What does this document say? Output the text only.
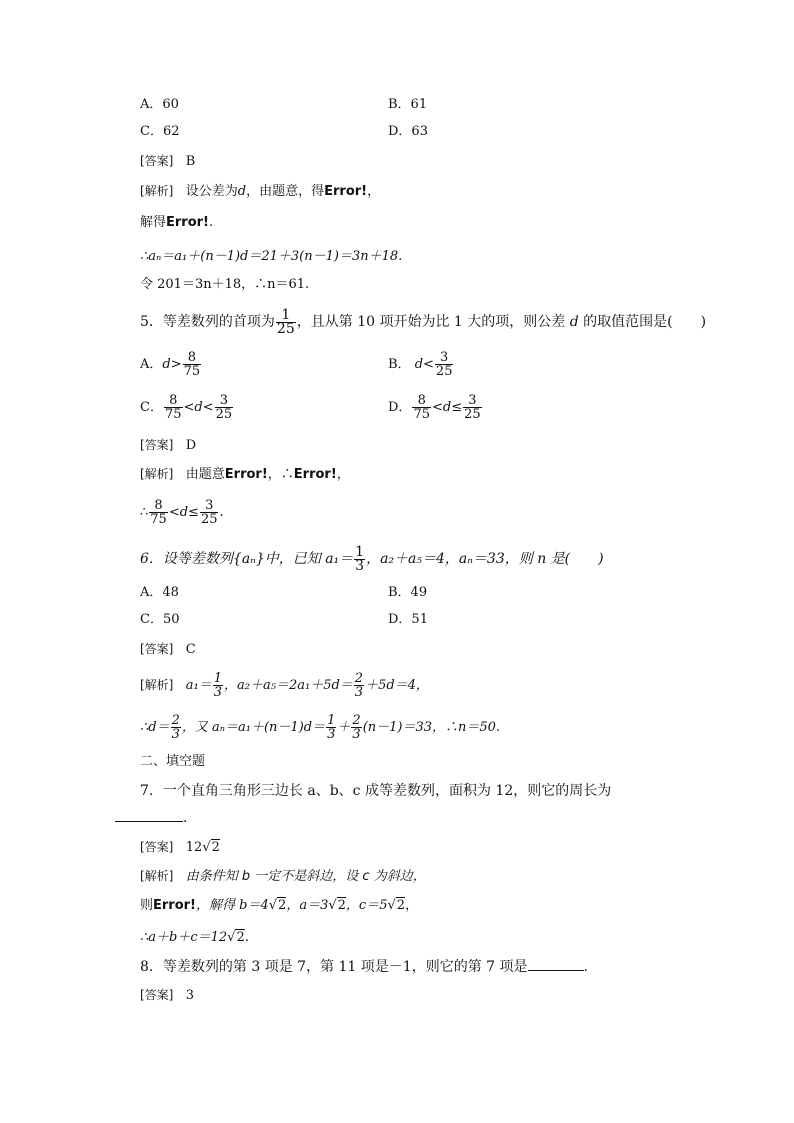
A．60	B．61
C．62	D．63
[答案] B
[解析] 设公差为d，由题意，得Error!，
解得Error!.
∴aₙ＝a₁＋(n－1)d＝21＋3(n－1)＝3n＋18.
令 201＝3n＋18，∴n＝61.
5．等差数列的首项为 $\frac{1}{25}$ ，且从第 10 项开始为比 1 大的项，则公差 d 的取值范围是(　　)
A．$d> \frac{8}{75}$	B． $d< \frac{3}{25}$
C． $\frac{8}{75} <d< \frac{3}{25}$	D． $\frac{8}{75} <d\le \frac{3}{25}$
[答案] D
[解析] 由题意Error!，∴Error!，
∴ $\frac{8}{75} <d\le \frac{3}{25}$ .
6．设等差数列{aₙ}中，已知 $a_1= \frac{1}{3}$ ，a₂＋a₅＝4，aₙ＝33，则 n 是(　　)
A．48	B．49
C．50	D．51
[答案] C
[解析] $a_1= \frac{1}{3}$ ，$a_2+a_5=2a_1+5d= \frac{2}{3} +5d=4$，
∴d＝ $\frac{2}{3}$ ，又 $a_n=a_1+(n-1)d= \frac{1}{3} + \frac{2}{3} (n-1)=33$，∴n＝50.
二、填空题
7．一个直角三角形三边长 a、b、c 成等差数列，面积为 12，则它的周长为
.
[答案] 12√2
[解析] 由条件知 b 一定不是斜边，设 c 为斜边，
则Error!，解得 b＝4√2，a＝3√2，c＝5√2，
∴a＋b＋c＝12√2.
8．等差数列的第 3 项是 7，第 11 项是－1，则它的第 7 项是	.
[答案] 3
